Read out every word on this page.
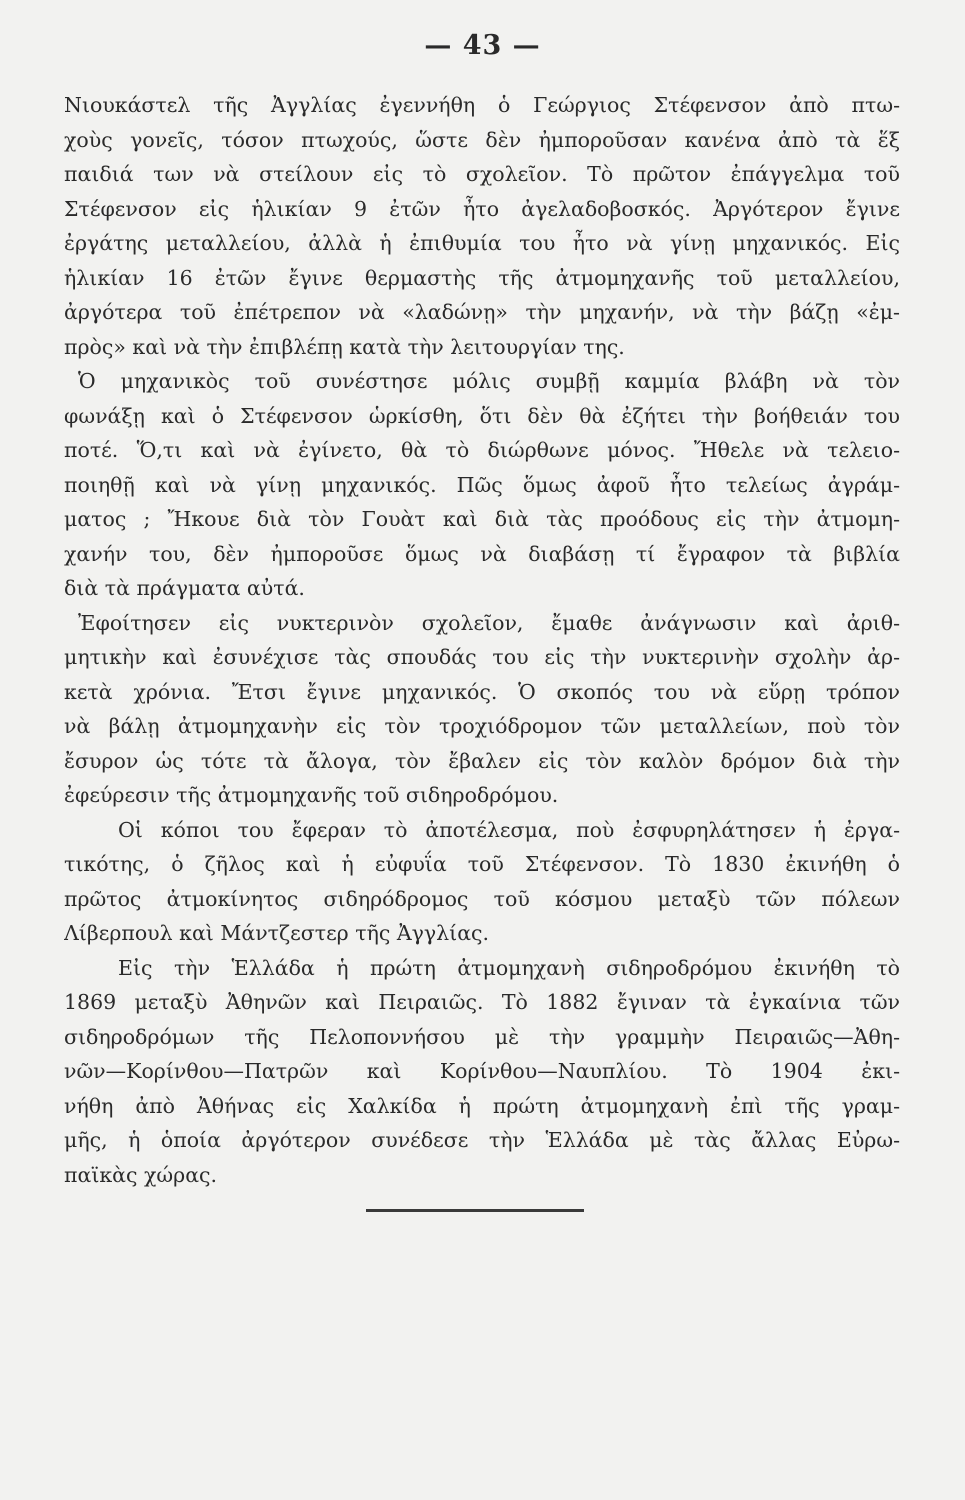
— 43 —
Νιουκάστελ τῆς Ἀγγλίας ἐγεννήθη ὁ Γεώργιος Στέφενσον ἀπὸ πτω-
χοὺς γονεῖς, τόσον πτωχούς, ὥστε δὲν ἠμποροῦσαν κανένα ἀπὸ τὰ ἕξ
παιδιά των νὰ στείλουν εἰς τὸ σχολεῖον. Τὸ πρῶτον ἐπάγγελμα τοῦ
Στέφενσον εἰς ἡλικίαν 9 ἐτῶν ἦτο ἀγελαδοβοσκός. Ἀργότερον ἔγινε
ἐργάτης μεταλλείου, ἀλλὰ ἡ ἐπιθυμία του ἦτο νὰ γίνῃ μηχανικός. Εἰς
ἡλικίαν 16 ἐτῶν ἔγινε θερμαστὴς τῆς ἀτμομηχανῆς τοῦ μεταλλείου,
ἀργότερα τοῦ ἐπέτρεπον νὰ «λαδώνῃ» τὴν μηχανήν, νὰ τὴν βάζῃ «ἐμ-
πρὸς» καὶ νὰ τὴν ἐπιβλέπῃ κατὰ τὴν λειτουργίαν της.
Ὁ μηχανικὸς τοῦ συνέστησε μόλις συμβῇ καμμία βλάβη νὰ τὸν
φωνάξῃ καὶ ὁ Στέφενσον ὡρκίσθη, ὅτι δὲν θὰ ἐζήτει τὴν βοήθειάν του
ποτέ. Ὅ,τι καὶ νὰ ἐγίνετο, θὰ τὸ διώρθωνε μόνος. Ἤθελε νὰ τελειο-
ποιηθῇ καὶ νὰ γίνῃ μηχανικός. Πῶς ὅμως ἀφοῦ ἦτο τελείως ἀγράμ-
ματος ; Ἤκουε διὰ τὸν Γουὰτ καὶ διὰ τὰς προόδους εἰς τὴν ἀτμομη-
χανήν του, δὲν ἠμποροῦσε ὅμως νὰ διαβάσῃ τί ἔγραφον τὰ βιβλία
διὰ τὰ πράγματα αὐτά.
Ἐφοίτησεν εἰς νυκτερινὸν σχολεῖον, ἔμαθε ἀνάγνωσιν καὶ ἀριθ-
μητικὴν καὶ ἐσυνέχισε τὰς σπουδάς του εἰς τὴν νυκτερινὴν σχολὴν ἀρ-
κετὰ χρόνια. Ἔτσι ἔγινε μηχανικός. Ὁ σκοπός του νὰ εὕρῃ τρόπον
νὰ βάλῃ ἀτμομηχανὴν εἰς τὸν τροχιόδρομον τῶν μεταλλείων, ποὺ τὸν
ἔσυρον ὡς τότε τὰ ἄλογα, τὸν ἔβαλεν εἰς τὸν καλὸν δρόμον διὰ τὴν
ἐφεύρεσιν τῆς ἀτμομηχανῆς τοῦ σιδηροδρόμου.
Οἱ κόποι του ἔφεραν τὸ ἀποτέλεσμα, ποὺ ἐσφυρηλάτησεν ἡ ἐργα-
τικότης, ὁ ζῆλος καὶ ἡ εὐφυΐα τοῦ Στέφενσον. Τὸ 1830 ἐκινήθη ὁ
πρῶτος ἀτμοκίνητος σιδηρόδρομος τοῦ κόσμου μεταξὺ τῶν πόλεων
Λίβερπουλ καὶ Μάντζεστερ τῆς Ἀγγλίας.
Εἰς τὴν Ἑλλάδα ἡ πρώτη ἀτμομηχανὴ σιδηροδρόμου ἐκινήθη τὸ
1869 μεταξὺ Ἀθηνῶν καὶ Πειραιῶς. Τὸ 1882 ἔγιναν τὰ ἐγκαίνια τῶν
σιδηροδρόμων τῆς Πελοποννήσου μὲ τὴν γραμμὴν Πειραιῶς—Ἀθη-
νῶν—Κορίνθου—Πατρῶν καὶ Κορίνθου—Ναυπλίου. Τὸ 1904 ἐκι-
νήθη ἀπὸ Ἀθήνας εἰς Χαλκίδα ἡ πρώτη ἀτμομηχανὴ ἐπὶ τῆς γραμ-
μῆς, ἡ ὁποία ἀργότερον συνέδεσε τὴν Ἑλλάδα μὲ τὰς ἄλλας Εὐρω-
παϊκὰς χώρας.
